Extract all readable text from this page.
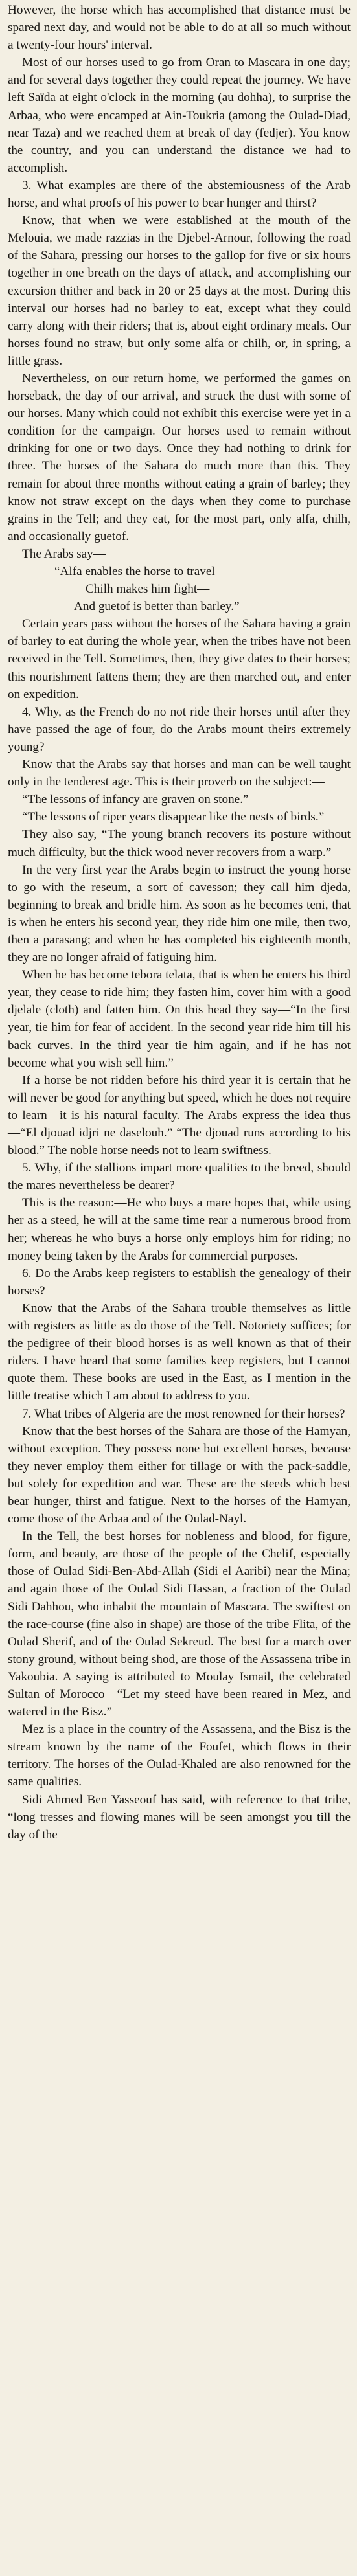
However, the horse which has accomplished that distance must be spared next day, and would not be able to do at all so much without a twenty-four hours' interval.

Most of our horses used to go from Oran to Mascara in one day; and for several days together they could repeat the journey. We have left Saïda at eight o'clock in the morning (au dohha), to surprise the Arbaa, who were encamped at Ain-Toukria (among the Oulad-Diad, near Taza) and we reached them at break of day (fedjer). You know the country, and you can understand the distance we had to accomplish.

3. What examples are there of the abstemiousness of the Arab horse, and what proofs of his power to bear hunger and thirst?

Know, that when we were established at the mouth of the Melouia, we made razzias in the Djebel-Arnour, following the road of the Sahara, pressing our horses to the gallop for five or six hours together in one breath on the days of attack, and accomplishing our excursion thither and back in 20 or 25 days at the most. During this interval our horses had no barley to eat, except what they could carry along with their riders; that is, about eight ordinary meals. Our horses found no straw, but only some alfa or chilh, or, in spring, a little grass.

Nevertheless, on our return home, we performed the games on horseback, the day of our arrival, and struck the dust with some of our horses. Many which could not exhibit this exercise were yet in a condition for the campaign. Our horses used to remain without drinking for one or two days. Once they had nothing to drink for three. The horses of the Sahara do much more than this. They remain for about three months without eating a grain of barley; they know not straw except on the days when they come to purchase grains in the Tell; and they eat, for the most part, only alfa, chilh, and occasionally guetof.

The Arabs say—

“Alfa enables the horse to travel—

Chilh makes him fight—

And guetof is better than barley.”

Certain years pass without the horses of the Sahara having a grain of barley to eat during the whole year, when the tribes have not been received in the Tell. Sometimes, then, they give dates to their horses; this nourishment fattens them; they are then marched out, and enter on expedition.

4. Why, as the French do no not ride their horses until after they have passed the age of four, do the Arabs mount theirs extremely young?

Know that the Arabs say that horses and man can be well taught only in the tenderest age. This is their proverb on the subject:—

“The lessons of infancy are graven on stone.”

“The lessons of riper years disappear like the nests of birds.”

They also say, “The young branch recovers its posture without much difficulty, but the thick wood never recovers from a warp.”

In the very first year the Arabs begin to instruct the young horse to go with the reseum, a sort of cavesson; they call him djeda, beginning to break and bridle him. As soon as he becomes teni, that is when he enters his second year, they ride him one mile, then two, then a parasang; and when he has completed his eighteenth month, they are no longer afraid of fatiguing him.

When he has become tebora telata, that is when he enters his third year, they cease to ride him; they fasten him, cover him with a good djelale (cloth) and fatten him. On this head they say—“In the first year, tie him for fear of accident. In the second year ride him till his back curves. In the third year tie him again, and if he has not become what you wish sell him.”

If a horse be not ridden before his third year it is certain that he will never be good for anything but speed, which he does not require to learn—it is his natural faculty. The Arabs express the idea thus—“El djouad idjri ne daselouh.” “The djouad runs according to his blood.” The noble horse needs not to learn swiftness.

5. Why, if the stallions impart more qualities to the breed, should the mares nevertheless be dearer?

This is the reason:—He who buys a mare hopes that, while using her as a steed, he will at the same time rear a numerous brood from her; whereas he who buys a horse only employs him for riding; no money being taken by the Arabs for commercial purposes.

6. Do the Arabs keep registers to establish the genealogy of their horses?

Know that the Arabs of the Sahara trouble themselves as little with registers as little as do those of the Tell. Notoriety suffices; for the pedigree of their blood horses is as well known as that of their riders. I have heard that some families keep registers, but I cannot quote them. These books are used in the East, as I mention in the little treatise which I am about to address to you.

7. What tribes of Algeria are the most renowned for their horses?

Know that the best horses of the Sahara are those of the Hamyan, without exception. They possess none but excellent horses, because they never employ them either for tillage or with the pack-saddle, but solely for expedition and war. These are the steeds which best bear hunger, thirst and fatigue. Next to the horses of the Hamyan, come those of the Arbaa and of the Oulad-Nayl.

In the Tell, the best horses for nobleness and blood, for figure, form, and beauty, are those of the people of the Chelif, especially those of Oulad Sidi-Ben-Abd-Allah (Sidi el Aaribi) near the Mina; and again those of the Oulad Sidi Hassan, a fraction of the Oulad Sidi Dahhou, who inhabit the mountain of Mascara. The swiftest on the race-course (fine also in shape) are those of the tribe Flita, of the Oulad Sherif, and of the Oulad Sekreud. The best for a march over stony ground, without being shod, are those of the Assassena tribe in Yakoubia. A saying is attributed to Moulay Ismail, the celebrated Sultan of Morocco—“Let my steed have been reared in Mez, and watered in the Bisz.”

Mez is a place in the country of the Assassena, and the Bisz is the stream known by the name of the Foufet, which flows in their territory. The horses of the Oulad-Khaled are also renowned for the same qualities.

Sidi Ahmed Ben Yasseouf has said, with reference to that tribe, “long tresses and flowing manes will be seen amongst you till the day of the
